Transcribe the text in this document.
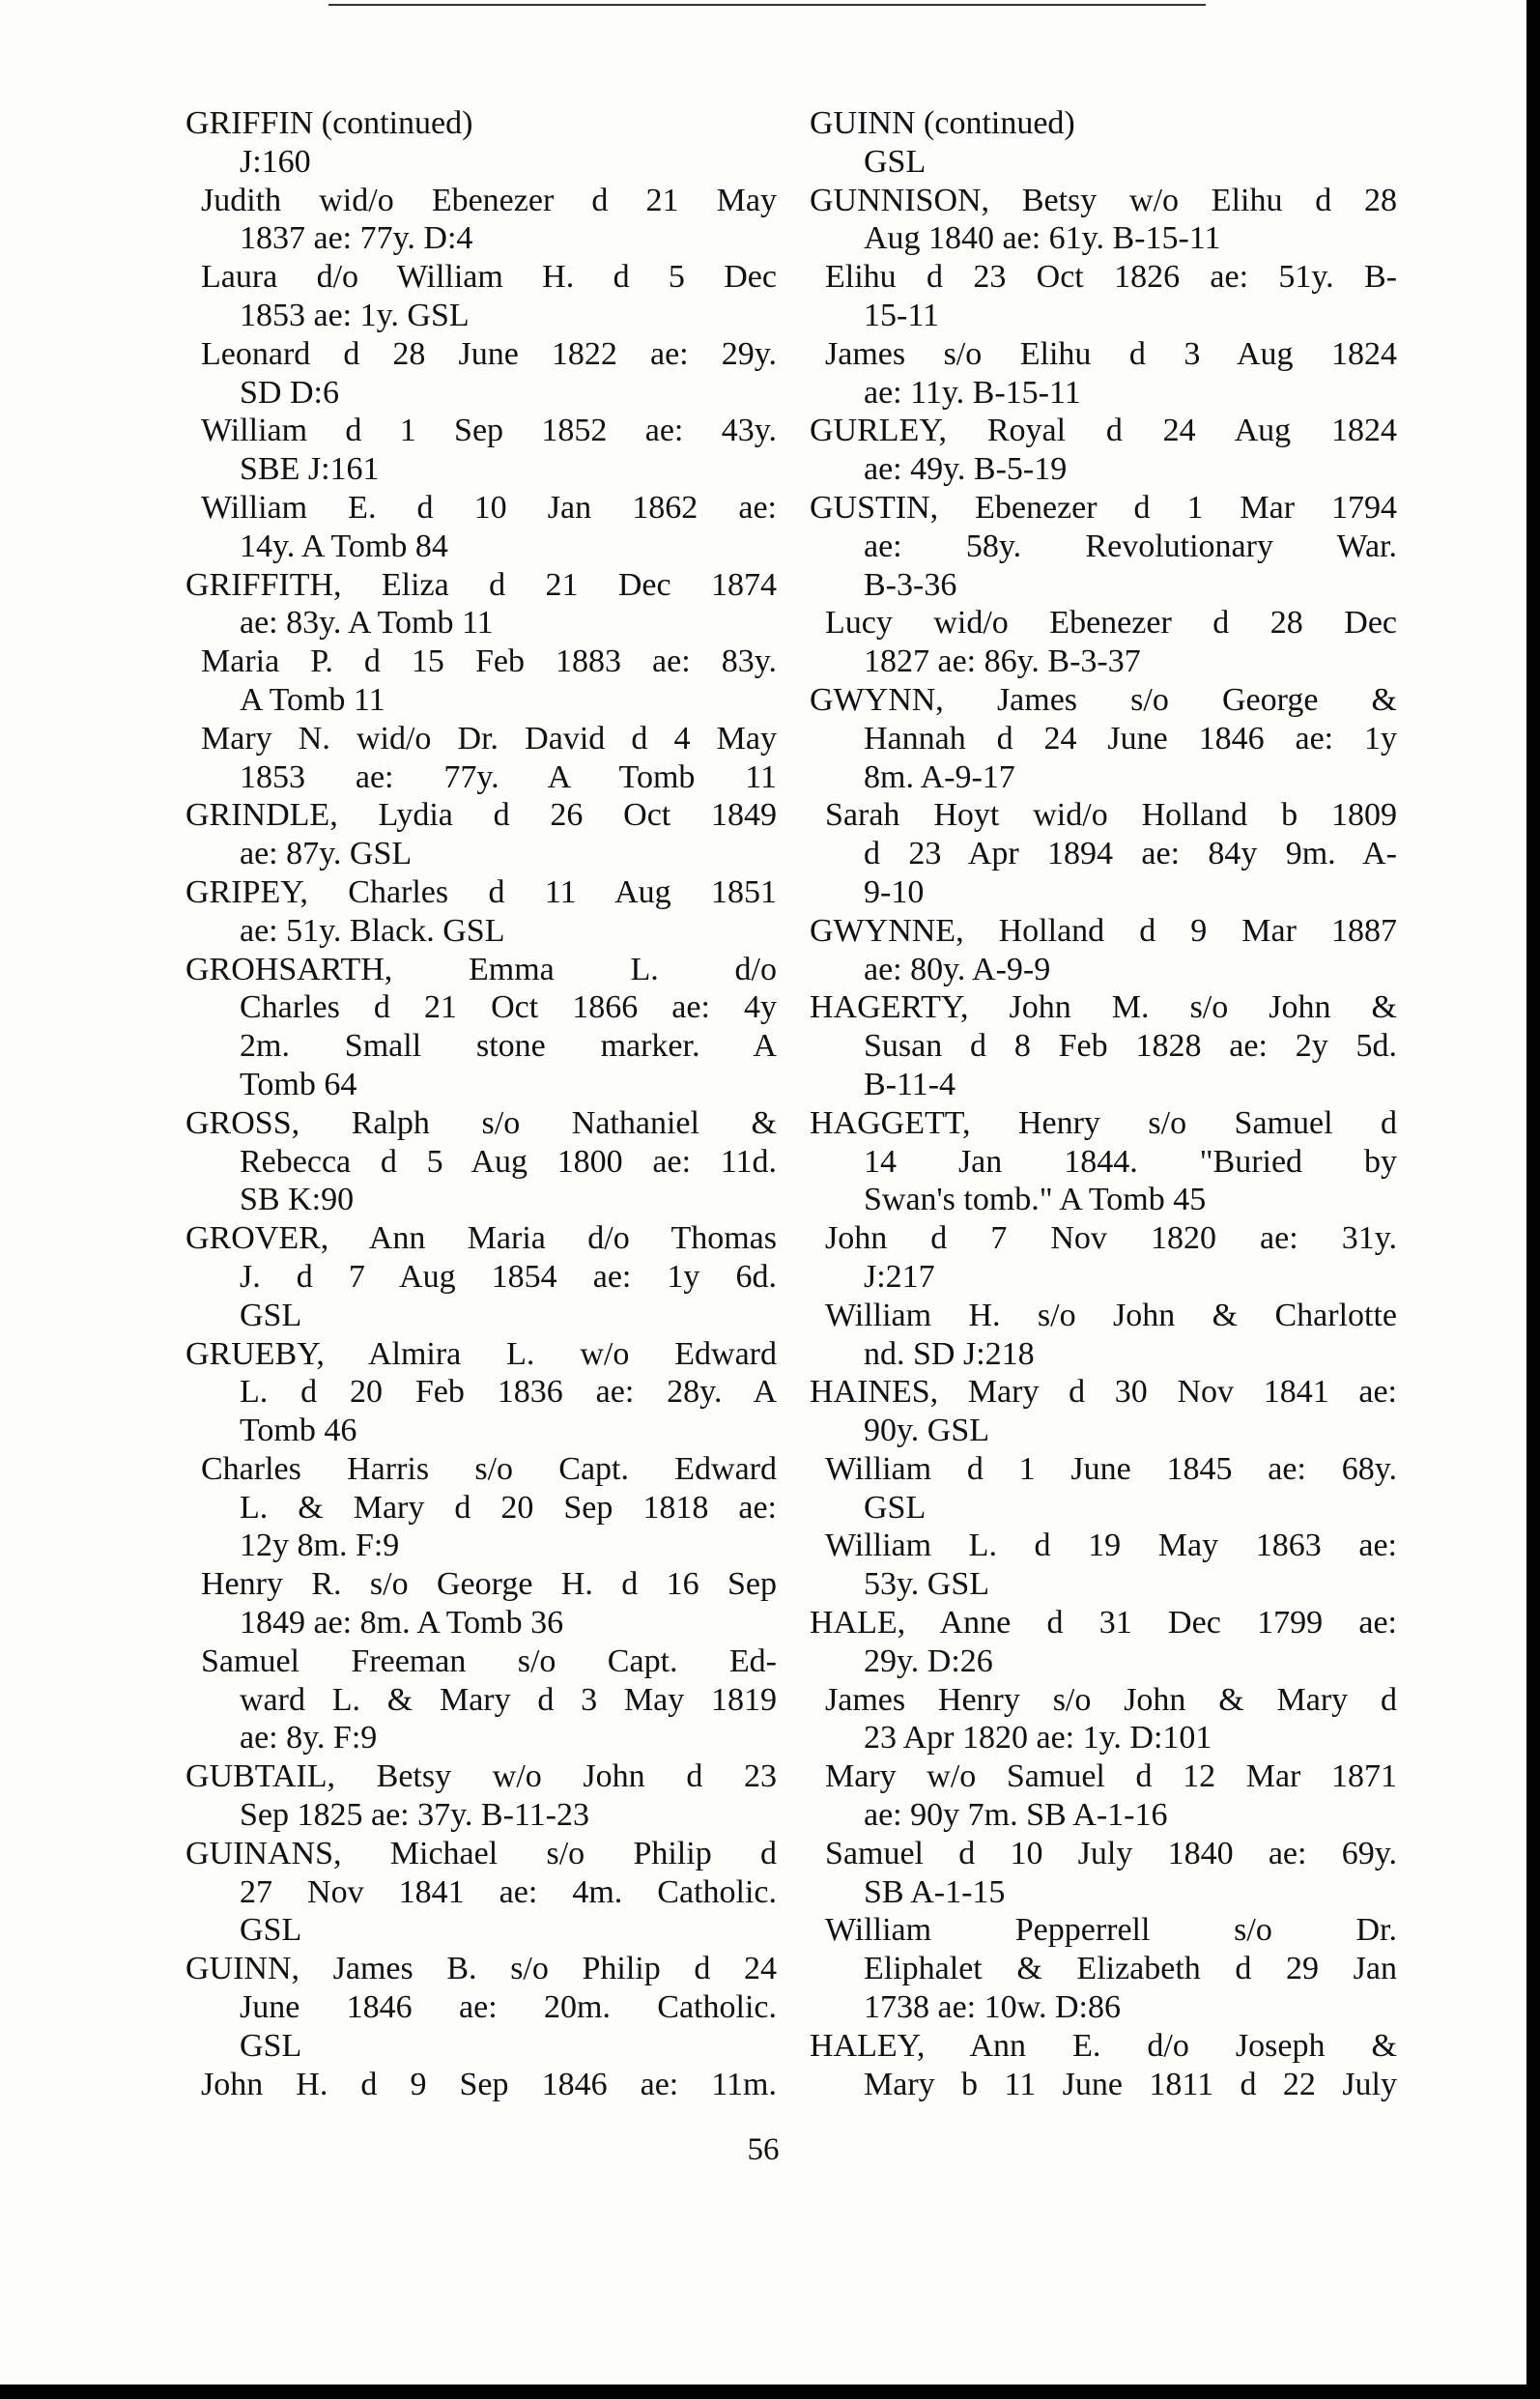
GRIFFIN (continued)
J:160
Judith wid/o Ebenezer d 21 May
1837 ae: 77y. D:4
Laura d/o William H. d 5 Dec
1853 ae: 1y. GSL
Leonard d 28 June 1822 ae: 29y.
SD D:6
William d 1 Sep 1852 ae: 43y.
SBE J:161
William E. d 10 Jan 1862 ae:
14y. A Tomb 84
GRIFFITH, Eliza d 21 Dec 1874
ae: 83y. A Tomb 11
Maria P. d 15 Feb 1883 ae: 83y.
A Tomb 11
Mary N. wid/o Dr. David d 4 May
1853 ae: 77y. A Tomb 11
GRINDLE, Lydia d 26 Oct 1849
ae: 87y. GSL
GRIPEY, Charles d 11 Aug 1851
ae: 51y. Black. GSL
GROHSARTH, Emma L. d/o
Charles d 21 Oct 1866 ae: 4y
2m. Small stone marker. A
Tomb 64
GROSS, Ralph s/o Nathaniel &
Rebecca d 5 Aug 1800 ae: 11d.
SB K:90
GROVER, Ann Maria d/o Thomas
J. d 7 Aug 1854 ae: 1y 6d.
GSL
GRUEBY, Almira L. w/o Edward
L. d 20 Feb 1836 ae: 28y. A
Tomb 46
Charles Harris s/o Capt. Edward
L. & Mary d 20 Sep 1818 ae:
12y 8m. F:9
Henry R. s/o George H. d 16 Sep
1849 ae: 8m. A Tomb 36
Samuel Freeman s/o Capt. Ed-
ward L. & Mary d 3 May 1819
ae: 8y. F:9
GUBTAIL, Betsy w/o John d 23
Sep 1825 ae: 37y. B-11-23
GUINANS, Michael s/o Philip d
27 Nov 1841 ae: 4m. Catholic.
GSL
GUINN, James B. s/o Philip d 24
June 1846 ae: 20m. Catholic.
GSL
John H. d 9 Sep 1846 ae: 11m.
GUINN (continued)
GSL
GUNNISON, Betsy w/o Elihu d 28
Aug 1840 ae: 61y. B-15-11
Elihu d 23 Oct 1826 ae: 51y. B-
15-11
James s/o Elihu d 3 Aug 1824
ae: 11y. B-15-11
GURLEY, Royal d 24 Aug 1824
ae: 49y. B-5-19
GUSTIN, Ebenezer d 1 Mar 1794
ae: 58y. Revolutionary War.
B-3-36
Lucy wid/o Ebenezer d 28 Dec
1827 ae: 86y. B-3-37
GWYNN, James s/o George &
Hannah d 24 June 1846 ae: 1y
8m. A-9-17
Sarah Hoyt wid/o Holland b 1809
d 23 Apr 1894 ae: 84y 9m. A-
9-10
GWYNNE, Holland d 9 Mar 1887
ae: 80y. A-9-9
HAGERTY, John M. s/o John &
Susan d 8 Feb 1828 ae: 2y 5d.
B-11-4
HAGGETT, Henry s/o Samuel d
14 Jan 1844. "Buried by
Swan's tomb." A Tomb 45
John d 7 Nov 1820 ae: 31y.
J:217
William H. s/o John & Charlotte
nd. SD J:218
HAINES, Mary d 30 Nov 1841 ae:
90y. GSL
William d 1 June 1845 ae: 68y.
GSL
William L. d 19 May 1863 ae:
53y. GSL
HALE, Anne d 31 Dec 1799 ae:
29y. D:26
James Henry s/o John & Mary d
23 Apr 1820 ae: 1y. D:101
Mary w/o Samuel d 12 Mar 1871
ae: 90y 7m. SB A-1-16
Samuel d 10 July 1840 ae: 69y.
SB A-1-15
William Pepperrell s/o Dr.
Eliphalet & Elizabeth d 29 Jan
1738 ae: 10w. D:86
HALEY, Ann E. d/o Joseph &
Mary b 11 June 1811 d 22 July
56
